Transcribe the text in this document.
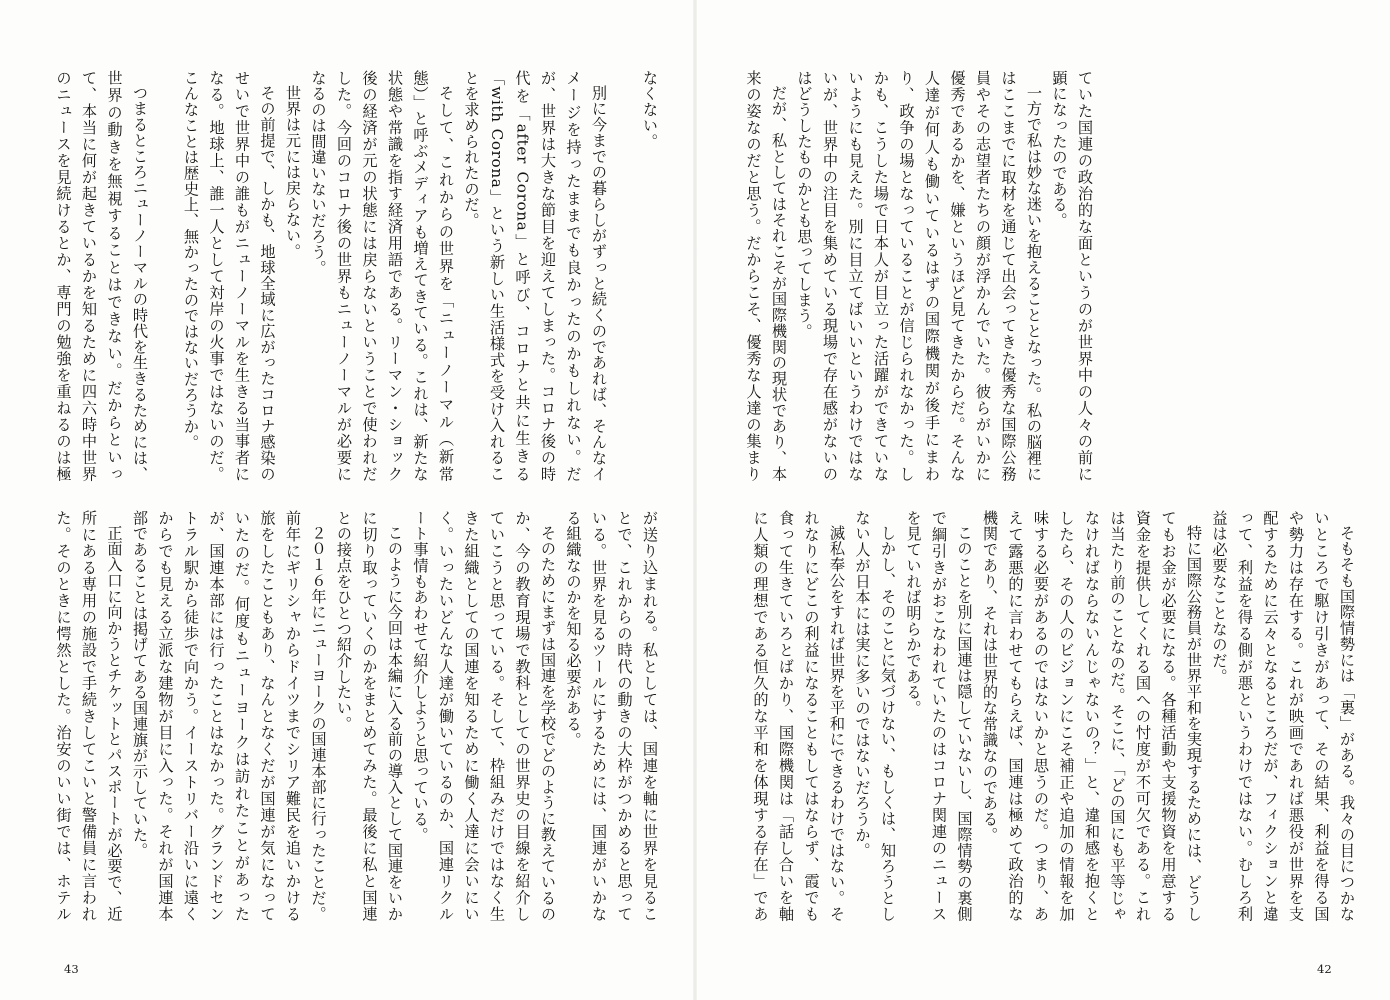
ていた国連の政治的な面というのが世界中の人々の前に顕になったのである。
一方で私は妙な迷いを抱えることとなった。私の脳裡にはここまでに取材を通じて出会ってきた優秀な国際公務員やその志望者たちの顔が浮かんでいた。彼らがいかに優秀であるかを、嫌というほど見てきたからだ。そんな人達が何人も働いているはずの国際機関が後手にまわり、政争の場となっていることが信じられなかった。しかも、こうした場で日本人が目立った活躍ができていないようにも見えた。別に目立てばいいというわけではないが、世界中の注目を集めている現場で存在感がないのはどうしたものかとも思ってしまう。
だが、私としてはそれこそが国際機関の現状であり、本来の姿なのだと思う。だからこそ、優秀な人達の集まり
そもそも国際情勢には「裏」がある。我々の目につかないところで駆け引きがあって、その結果、利益を得る国や勢力は存在する。これが映画であれば悪役が世界を支配するために云々となるところだが、フィクションと違って、利益を得る側が悪というわけではない。むしろ利益は必要なことなのだ。
特に国際公務員が世界平和を実現するためには、どうしてもお金が必要になる。各種活動や支援物資を用意する資金を提供してくれる国への忖度が不可欠である。これは当たり前のことなのだ。そこに、「どの国にも平等じゃなければならないんじゃないの？」と、違和感を抱くとしたら、その人のビジョンにこそ補正や追加の情報を加味する必要があるのではないかと思うのだ。つまり、あえて露悪的に言わせてもらえば、国連は極めて政治的な機関であり、それは世界的な常識なのである。
このことを別に国連は隠していないし、国際情勢の裏側で綱引きがおこなわれていたのはコロナ関連のニュースを見ていれば明らかである。
しかし、そのことに気づけない、もしくは、知ろうとしない人が日本には実に多いのではないだろうか。
滅私奉公をすれば世界を平和にできるわけではない。それなりにどこの利益になることもしてはならず、霞でも食って生きていろとばかり、国際機関は「話し合いを軸に人類の理想である恒久的な平和を体現する存在」であ
なくない。
別に今までの暮らしがずっと続くのであれば、そんなイメージを持ったままでも良かったのかもしれない。だが、世界は大きな節目を迎えてしまった。コロナ後の時代を「after Corona」と呼び、コロナと共に生きる「with Corona」という新しい生活様式を受け入れることを求められたのだ。
そして、これからの世界を「ニューノーマル（新常態）」と呼ぶメディアも増えてきている。これは、新たな状態や常識を指す経済用語である。リーマン・ショック後の経済が元の状態には戻らないということで使われだした。今回のコロナ後の世界もニューノーマルが必要になるのは間違いないだろう。
世界は元には戻らない。
その前提で、しかも、地球全域に広がったコロナ感染のせいで世界中の誰もがニューノーマルを生きる当事者になる。地球上、誰一人として対岸の火事ではないのだ。こんなことは歴史上、無かったのではないだろうか。
つまるところニューノーマルの時代を生きるためには、世界の動きを無視することはできない。だからといって、本当に何が起きているかを知るために四六時中世界のニュースを見続けるとか、専門の勉強を重ねるのは極
が送り込まれる。私としては、国連を軸に世界を見ることで、これからの時代の動きの大枠がつかめると思っている。世界を見るツールにするためには、国連がいかなる組織なのかを知る必要がある。
そのためにまずは国連を学校でどのように教えているのか、今の教育現場で教科としての世界史の目線を紹介していこうと思っている。そして、枠組みだけではなく生きた組織としての国連を知るために働く人達に会いにいく。いったいどんな人達が働いているのか、国連リクルート事情もあわせて紹介しようと思っている。
このように今回は本編に入る前の導入として国連をいかに切り取っていくのかをまとめてみた。最後に私と国連との接点をひとつ紹介したい。
２０１６年にニューヨークの国連本部に行ったことだ。前年にギリシャからドイツまでシリア難民を追いかける旅をしたこともあり、なんとなくだが国連が気になっていたのだ。何度もニューヨークは訪れたことがあったが、国連本部には行ったことはなかった。グランドセントラル駅から徒歩で向かう。イーストリバー沿いに遠くからでも見える立派な建物が目に入った。それが国連本部であることは掲げてある国連旗が示していた。
正面入口に向かうとチケットとパスポートが必要で、近所にある専用の施設で手続きしてこいと警備員に言われた。そのときに愕然とした。治安のいい街では、ホテル
43	42
